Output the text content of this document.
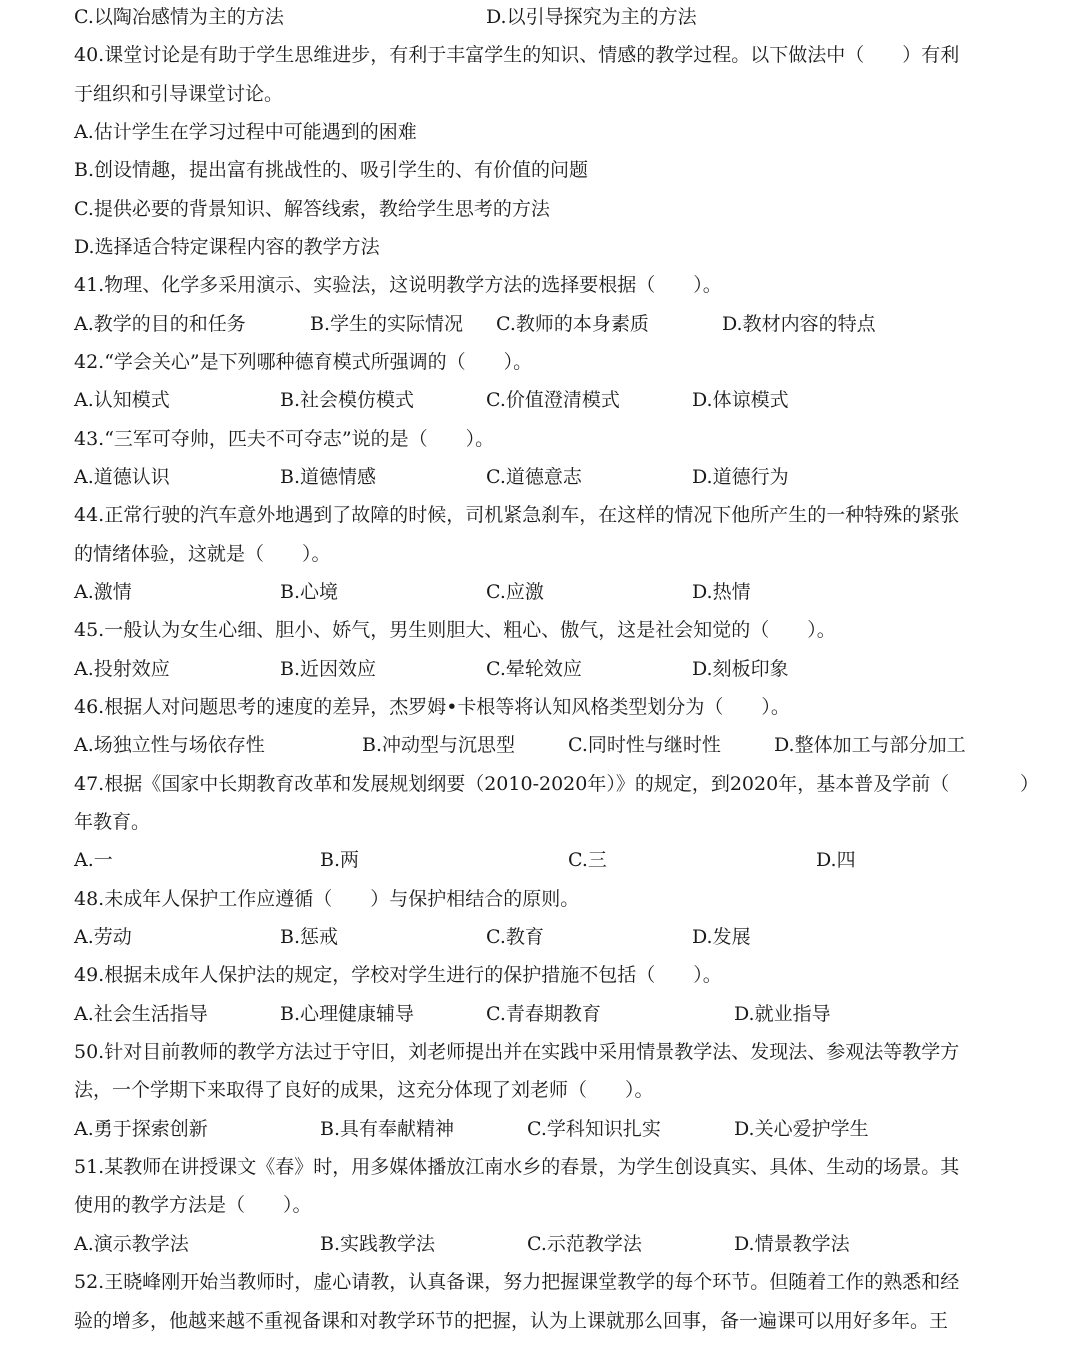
C.以陶冶感情为主的方法	D.以引导探究为主的方法
40.课堂讨论是有助于学生思维进步，有利于丰富学生的知识、情感的教学过程。以下做法中（　　）有利
于组织和引导课堂讨论。
A.估计学生在学习过程中可能遇到的困难
B.创设情趣，提出富有挑战性的、吸引学生的、有价值的问题
C.提供必要的背景知识、解答线索，教给学生思考的方法
D.选择适合特定课程内容的教学方法
41.物理、化学多采用演示、实验法，这说明教学方法的选择要根据（　　）。
A.教学的目的和任务	B.学生的实际情况 C.教师的本身素质	D.教材内容的特点
42.“学会关心”是下列哪种德育模式所强调的（　　）。
A.认知模式	B.社会模仿模式	C.价值澄清模式	D.体谅模式
43.“三军可夺帅，匹夫不可夺志”说的是（　　）。
A.道德认识	B.道德情感	C.道德意志	D.道德行为
44.正常行驶的汽车意外地遇到了故障的时候，司机紧急刹车，在这样的情况下他所产生的一种特殊的紧张
的情绪体验，这就是（　　）。
A.激情	B.心境	C.应激	D.热情
45.一般认为女生心细、胆小、娇气，男生则胆大、粗心、傲气，这是社会知觉的（　　）。
A.投射效应	B.近因效应	C.晕轮效应	D.刻板印象
46.根据人对问题思考的速度的差异，杰罗姆•卡根等将认知风格类型划分为（　　）。
A.场独立性与场依存性	B.冲动型与沉思型	C.同时性与继时性	D.整体加工与部分加工
47.根据《国家中长期教育改革和发展规划纲要（2010-2020年）》的规定，到2020年，基本普及学前（	）
年教育。
A.一	B.两	C.三	D.四
48.未成年人保护工作应遵循（　　）与保护相结合的原则。
A.劳动	B.惩戒	C.教育	D.发展
49.根据未成年人保护法的规定，学校对学生进行的保护措施不包括（　　）。
A.社会生活指导	B.心理健康辅导	C.青春期教育	D.就业指导
50.针对目前教师的教学方法过于守旧，刘老师提出并在实践中采用情景教学法、发现法、参观法等教学方
法，一个学期下来取得了良好的成果，这充分体现了刘老师（　　）。
A.勇于探索创新	B.具有奉献精神	C.学科知识扎实	D.关心爱护学生
51.某教师在讲授课文《春》时，用多媒体播放江南水乡的春景，为学生创设真实、具体、生动的场景。其
使用的教学方法是（　　）。
A.演示教学法	B.实践教学法	C.示范教学法	D.情景教学法
52.王晓峰刚开始当教师时，虚心请教，认真备课，努力把握课堂教学的每个环节。但随着工作的熟悉和经
验的增多，他越来越不重视备课和对教学环节的把握，认为上课就那么回事，备一遍课可以用好多年。王
